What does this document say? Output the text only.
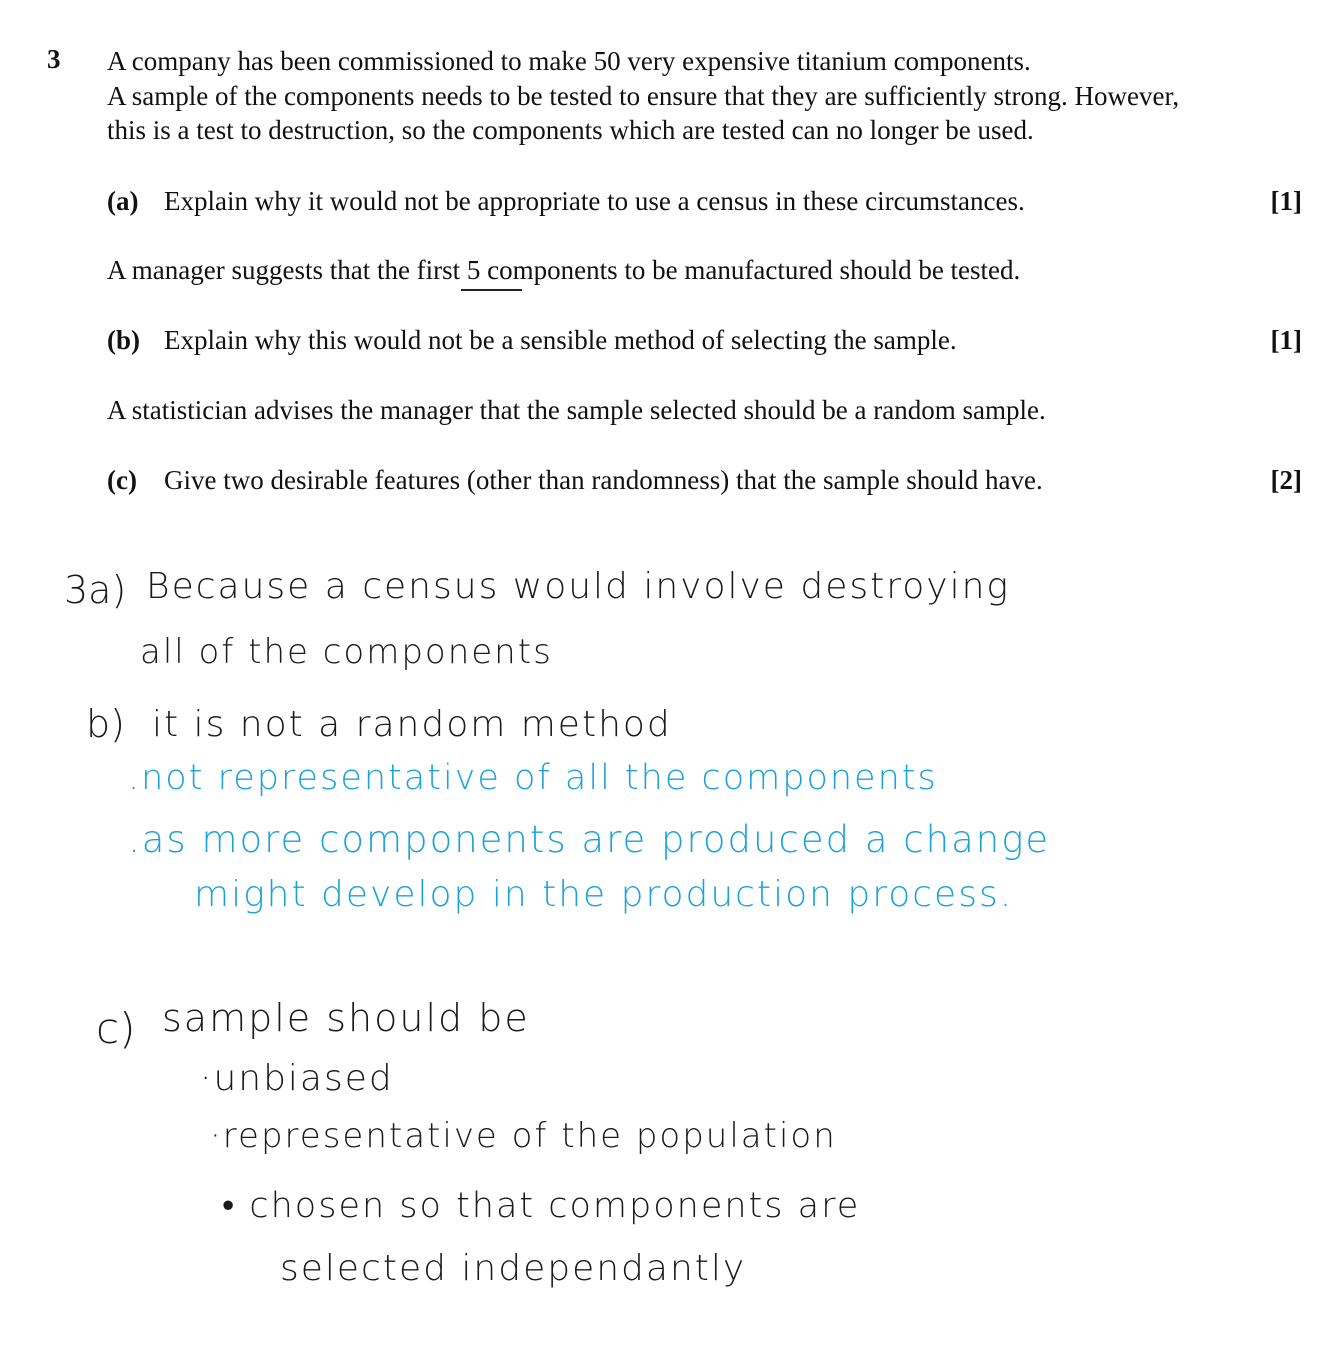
3 A company has been commissioned to make 50 very expensive titanium components.
A sample of the components needs to be tested to ensure that they are sufficiently strong. However,
this is a test to destruction, so the components which are tested can no longer be used.
(a) Explain why it would not be appropriate to use a census in these circumstances.	[1]
A manager suggests that the first 5 components to be manufactured should be tested.
(b) Explain why this would not be a sensible method of selecting the sample.	[1]
A statistician advises the manager that the sample selected should be a random sample.
(c) Give two desirable features (other than randomness) that the sample should have.	[2]
3a) Because a census would involve destroying
all of the components
b) it is not a random method
.not representative of all the components
.as more components are produced a change
might develop in the production process.
c) sample should be
·unbiased
·representative of the population
• chosen so that components are
selected independantly
